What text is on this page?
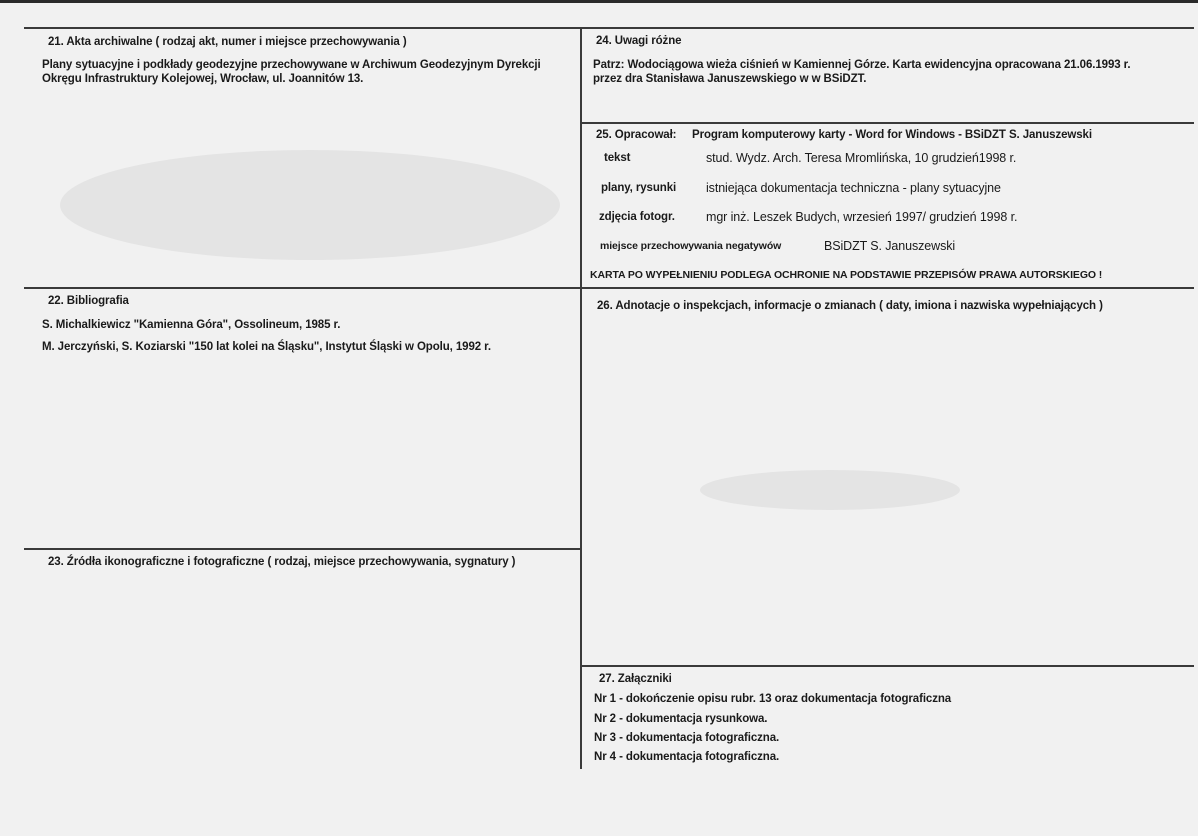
21. Akta archiwalne ( rodzaj akt, numer i miejsce przechowywania )
Plany sytuacyjne i podkłady geodezyjne przechowywane w Archiwum Geodezyjnym Dyrekcji
Okręgu Infrastruktury Kolejowej, Wrocław, ul. Joannitów 13.
22. Bibliografia
S. Michalkiewicz "Kamienna Góra", Ossolineum, 1985 r.
M. Jerczyński, S. Koziarski "150 lat kolei na Śląsku", Instytut Śląski w Opolu, 1992 r.
23. Źródła ikonograficzne i fotograficzne ( rodzaj, miejsce przechowywania, sygnatury )
24. Uwagi różne
Patrz: Wodociągowa wieża ciśnień w Kamiennej Górze. Karta ewidencyjna opracowana 21.06.1993 r.
przez dra Stanisława Januszewskiego w w BSiDZT.
25. Opracował: Program komputerowy karty - Word for Windows - BSiDZT S. Januszewski
tekst	stud. Wydz. Arch. Teresa Mromlińska, 10 grudzień1998 r.
plany, rysunki istniejąca dokumentacja techniczna - plany sytuacyjne
zdjęcia fotogr. mgr inż. Leszek Budych, wrzesień 1997/ grudzień 1998 r.
miejsce przechowywania negatywów	BSiDZT S. Januszewski
KARTA PO WYPEŁNIENIU PODLEGA OCHRONIE NA PODSTAWIE PRZEPISÓW PRAWA AUTORSKIEGO !
26. Adnotacje o inspekcjach, informacje o zmianach ( daty, imiona i nazwiska wypełniających )
27. Załączniki
Nr 1 - dokończenie opisu rubr. 13 oraz dokumentacja fotograficzna
Nr 2 - dokumentacja rysunkowa.
Nr 3 - dokumentacja fotograficzna.
Nr 4 - dokumentacja fotograficzna.
